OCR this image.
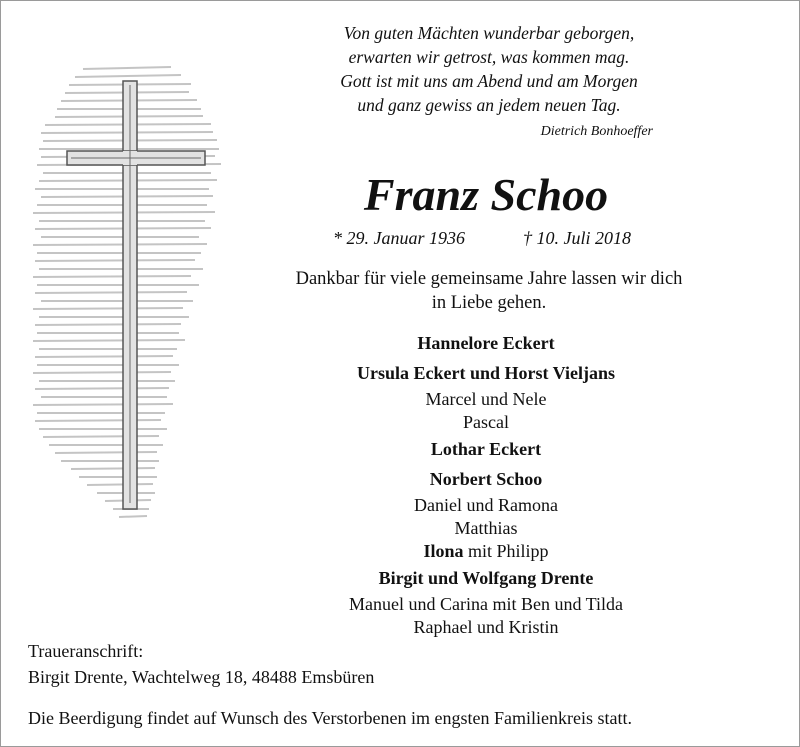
Von guten Mächten wunderbar geborgen,
erwarten wir getrost, was kommen mag.
Gott ist mit uns am Abend und am Morgen
und ganz gewiss an jedem neuen Tag.
Dietrich Bonhoeffer
Franz Schoo
* 29. Januar 1936	† 10. Juli 2018
Dankbar für viele gemeinsame Jahre lassen wir dich
in Liebe gehen.
Hannelore Eckert
Ursula Eckert und Horst Vieljans
Marcel und Nele
Pascal
Lothar Eckert
Norbert Schoo
Daniel und Ramona
Matthias
Ilona mit Philipp
Birgit und Wolfgang Drente
Manuel und Carina mit Ben und Tilda
Raphael und Kristin
Traueranschrift:
Birgit Drente, Wachtelweg 18, 48488 Emsbüren
Die Beerdigung findet auf Wunsch des Verstorbenen im engsten Familienkreis statt.
